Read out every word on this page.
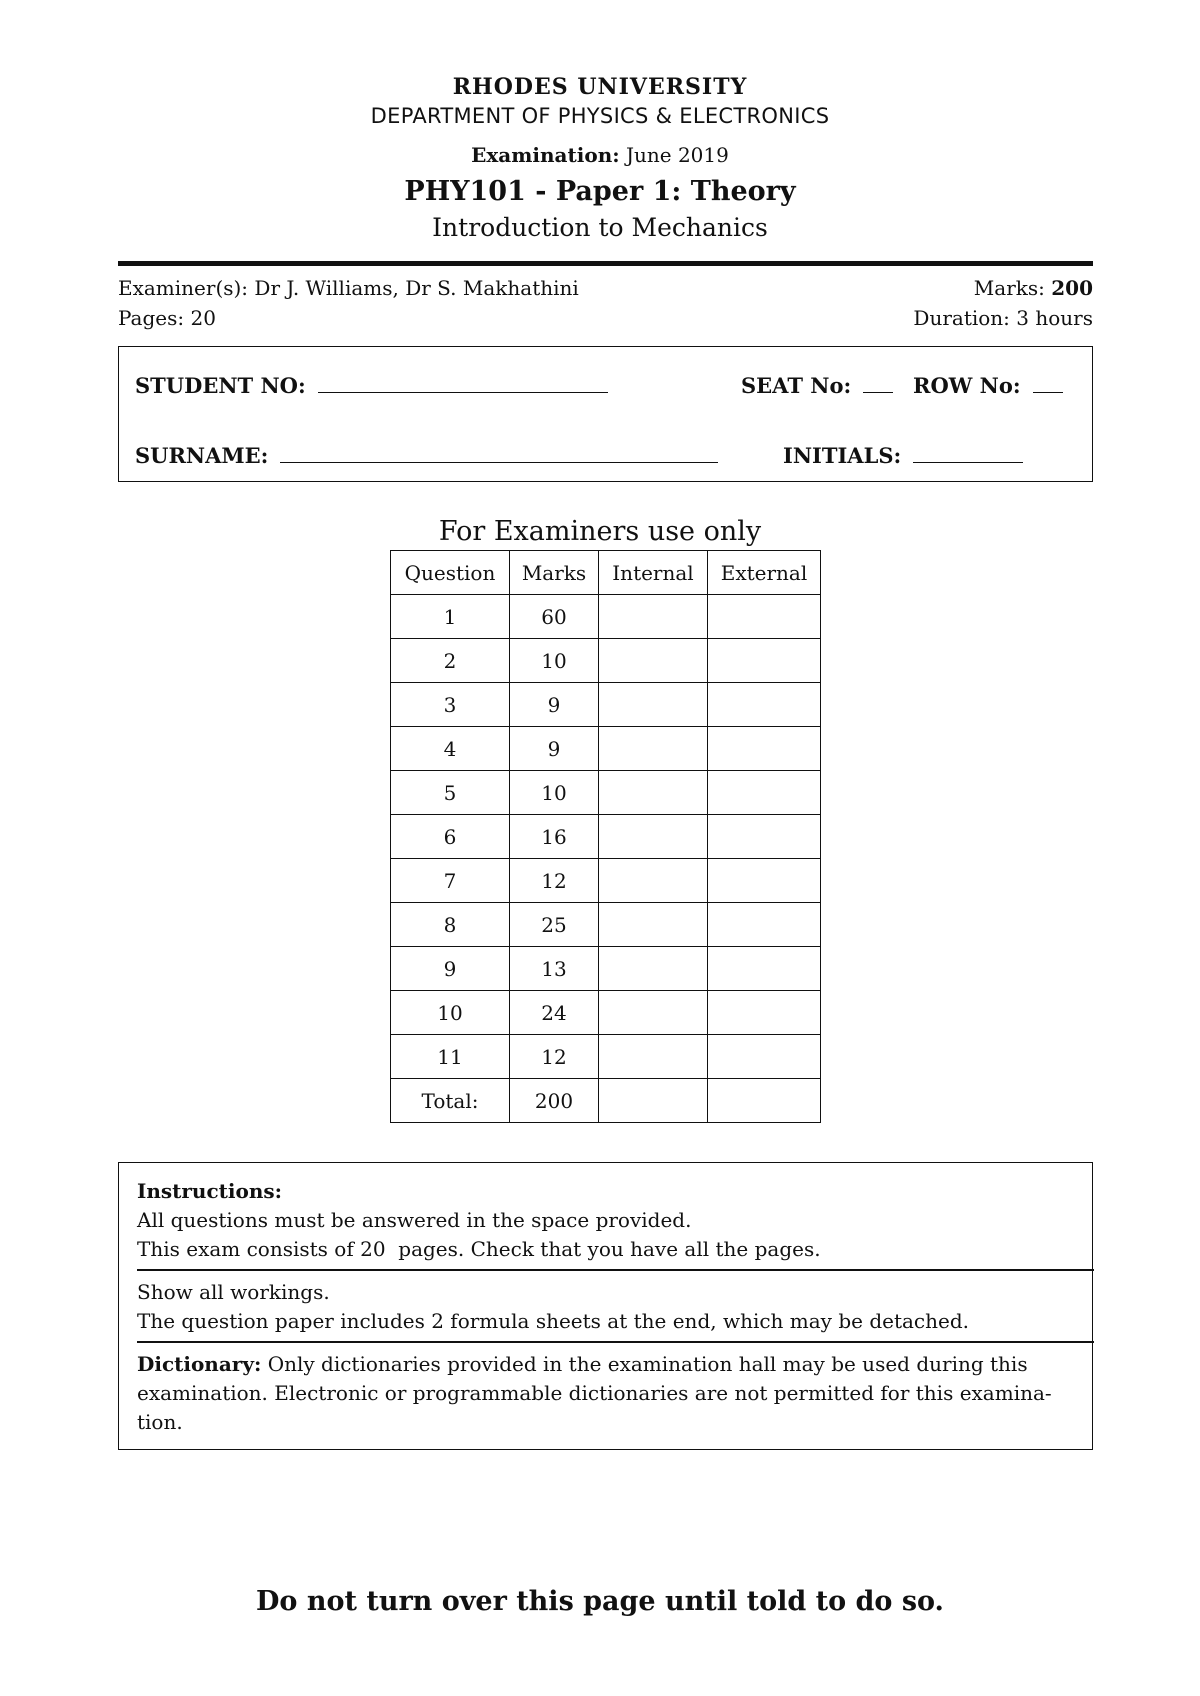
RHODES UNIVERSITY
DEPARTMENT OF PHYSICS & ELECTRONICS
Examination: June 2019
PHY101 - Paper 1: Theory
Introduction to Mechanics
Examiner(s): Dr J. Williams, Dr S. Makhathini	Marks: 200
Pages: 20	Duration: 3 hours
STUDENT NO:	SEAT No:	ROW No:
SURNAME:	INITIALS:
For Examiners use only
Question	Marks	Internal	External
1	60		
2	10		
3	9		
4	9		
5	10		
6	16		
7	12		
8	25		
9	13		
10	24		
11	12		
Total:	200		
Instructions:
All questions must be answered in the space provided.
This exam consists of 20  pages. Check that you have all the pages.
Show all workings.
The question paper includes 2 formula sheets at the end, which may be detached.
Dictionary: Only dictionaries provided in the examination hall may be used during this
examination. Electronic or programmable dictionaries are not permitted for this examina-
tion.
Do not turn over this page until told to do so.
